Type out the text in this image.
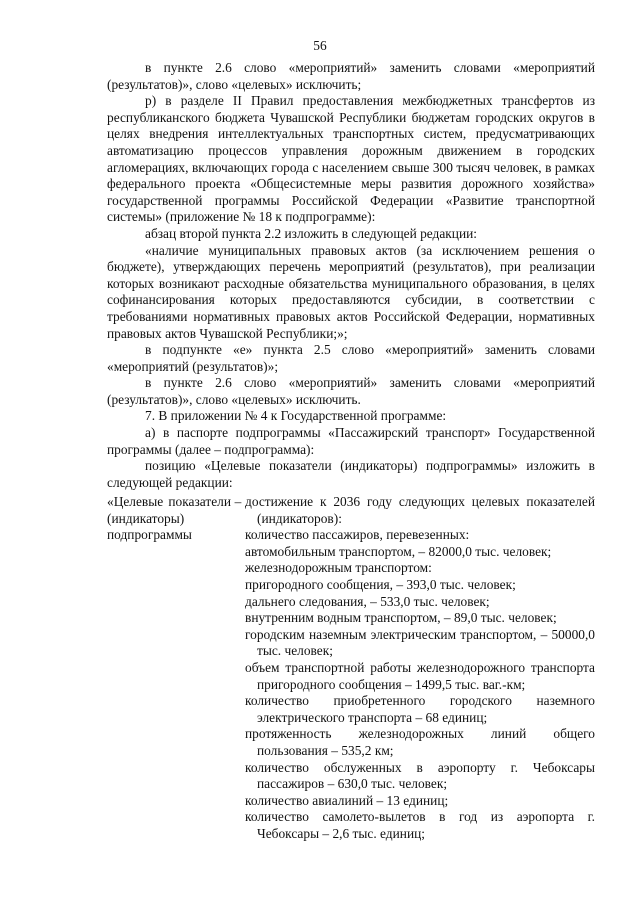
56

в пункте 2.6 слово «мероприятий» заменить словами «мероприятий (результатов)», слово «целевых» исключить;

р) в разделе II Правил предоставления межбюджетных трансфертов из республиканского бюджета Чувашской Республики бюджетам городских округов в целях внедрения интеллектуальных транспортных систем, предусматривающих автоматизацию процессов управления дорожным движением в городских агломерациях, включающих города с населением свыше 300 тысяч человек, в рамках федерального проекта «Общесистемные меры развития дорожного хозяйства» государственной программы Российской Федерации «Развитие транспортной системы» (приложение № 18 к подпрограмме):

абзац второй пункта 2.2 изложить в следующей редакции:

«наличие муниципальных правовых актов (за исключением решения о бюджете), утверждающих перечень мероприятий (результатов), при реализации которых возникают расходные обязательства муниципального образования, в целях софинансирования которых предоставляются субсидии, в соответствии с требованиями нормативных правовых актов Российской Федерации, нормативных правовых актов Чувашской Республики;»;

в подпункте «е» пункта 2.5 слово «мероприятий» заменить словами «мероприятий (результатов)»;

в пункте 2.6 слово «мероприятий» заменить словами «мероприятий (результатов)», слово «целевых» исключить.

7. В приложении № 4 к Государственной программе:

а) в паспорте подпрограммы «Пассажирский транспорт» Государственной программы (далее – подпрограмма):

позицию «Целевые показатели (индикаторы) подпрограммы» изложить в следующей редакции:

«Целевые показатели (индикаторы) подпрограммы
– достижение к 2036 году следующих целевых показателей (индикаторов):
количество пассажиров, перевезенных:
автомобильным транспортом, – 82000,0 тыс. человек;
железнодорожным транспортом:
пригородного сообщения, – 393,0 тыс. человек;
дальнего следования, – 533,0 тыс. человек;
внутренним водным транспортом, – 89,0 тыс. человек;
городским наземным электрическим транспортом, – 50000,0 тыс. человек;
объем транспортной работы железнодорожного транспорта пригородного сообщения – 1499,5 тыс. ваг.-км;
количество приобретенного городского наземного электрического транспорта – 68 единиц;
протяженность железнодорожных линий общего пользования – 535,2 км;
количество обслуженных в аэропорту г. Чебоксары пассажиров – 630,0 тыс. человек;
количество авиалиний – 13 единиц;
количество самолето-вылетов в год из аэропорта г. Чебоксары – 2,6 тыс. единиц;
